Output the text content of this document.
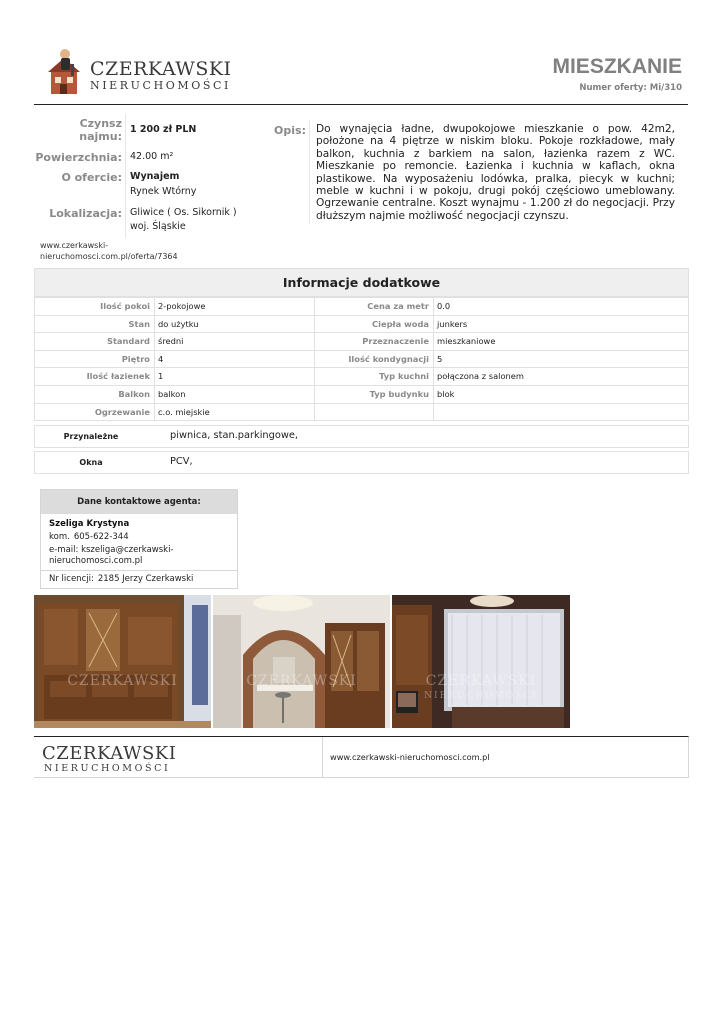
CZERKAWSKI
NIERUCHOMOŚCI
MIESZKANIE
Numer oferty: Mi/310
Czynsz najmu:
1 200 zł PLN
Powierzchnia: 42.00 m²
O ofercie: Wynajem
Rynek Wtórny
Lokalizacja: Gliwice ( Os. Sikornik )
woj. Śląskie
www.czerkawski-nieruchomosci.com.pl/oferta/7364
Opis: Do wynajęcia ładne, dwupokojowe mieszkanie o pow. 42m2, położone na 4 piętrze w niskim bloku. Pokoje rozkładowe, mały balkon, kuchnia z barkiem na salon, łazienka razem z WC. Mieszkanie po remoncie. Łazienka i kuchnia w kaflach, okna plastikowe. Na wyposażeniu lodówka, pralka, piecyk w kuchni; meble w kuchni i w pokoju, drugi pokój częściowo umeblowany. Ogrzewanie centralne. Koszt wynajmu - 1.200 zł do negocjacji. Przy dłuższym najmie możliwość negocjacji czynszu.
Informacje dodatkowe
Ilość pokoi 2-pokojowe	Cena za metr 0.0
Stan do użytku	Ciepła woda junkers
Standard średni	Przeznaczenie mieszkaniowe
Piętro 4	Ilość kondygnacji 5
Ilość łazienek 1	Typ kuchni połączona z salonem
Balkon balkon	Typ budynku blok
Ogrzewanie c.o. miejskie
Przynależne	piwnica, stan.parkingowe,
Okna	PCV,
Dane kontaktowe agenta:
Szeliga Krystyna
kom. 605-622-344
e-mail: kszeliga@czerkawski-nieruchomosci.com.pl
Nr licencji: 2185 Jerzy Czerkawski
CZERKAWSKI	CZERKAWSKI	CZERKAWSKI
NIERUCHOMOŚCI
CZERKAWSKI
NIERUCHOMOŚCI
www.czerkawski-nieruchomosci.com.pl
